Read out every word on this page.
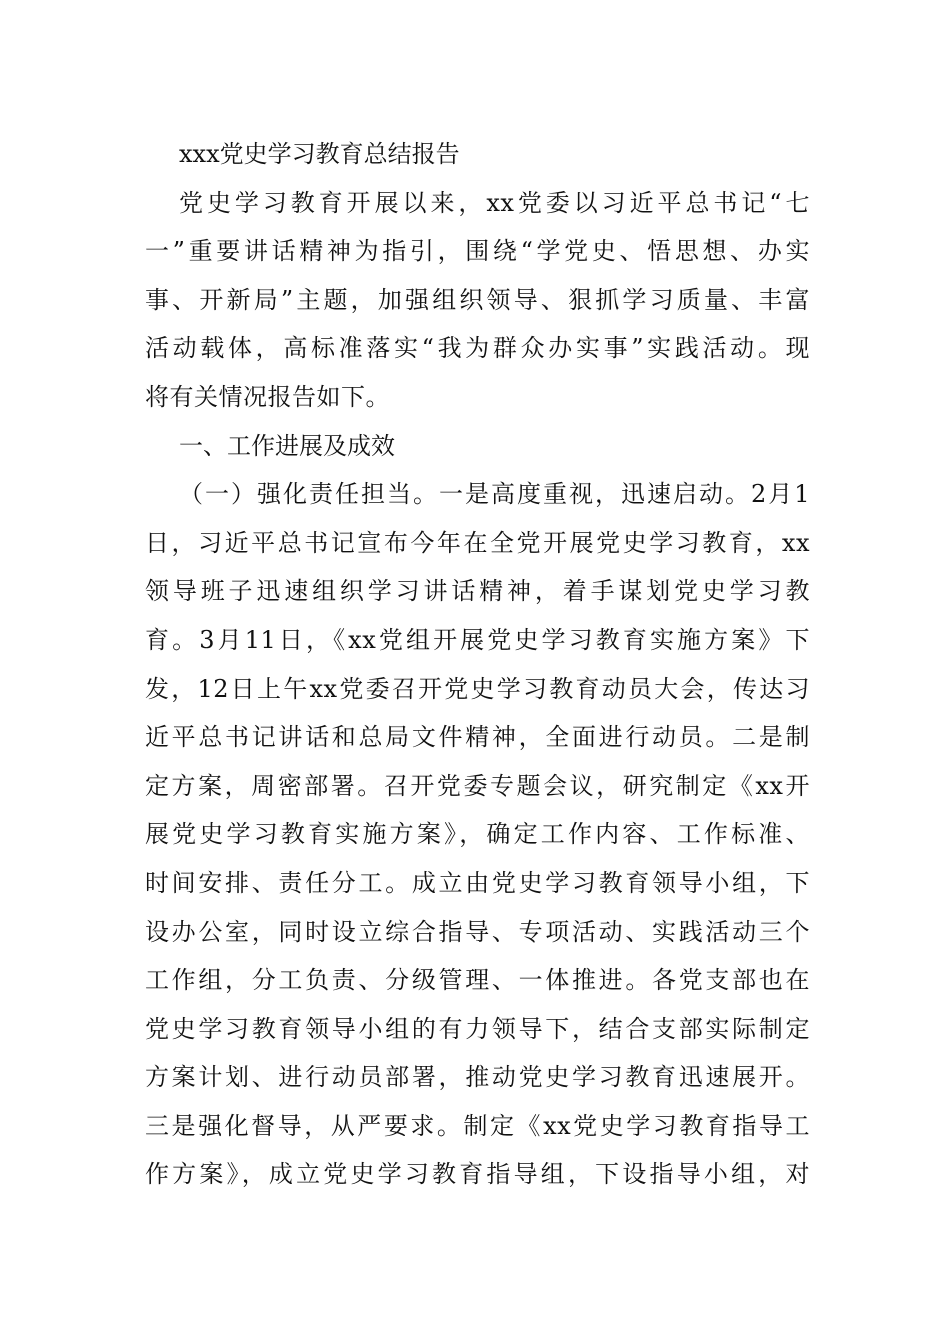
xxx党史学习教育总结报告
党史学习教育开展以来，xx党委以习近平总书记“七
一”重要讲话精神为指引，围绕“学党史、悟思想、办实
事、开新局”主题，加强组织领导、狠抓学习质量、丰富
活动载体，高标准落实“我为群众办实事”实践活动。现
将有关情况报告如下。
一、工作进展及成效
（一）强化责任担当。一是高度重视，迅速启动。2月1
日，习近平总书记宣布今年在全党开展党史学习教育，xx
领导班子迅速组织学习讲话精神，着手谋划党史学习教
育。3月11日，《xx党组开展党史学习教育实施方案》下
发，12日上午xx党委召开党史学习教育动员大会，传达习
近平总书记讲话和总局文件精神，全面进行动员。二是制
定方案，周密部署。召开党委专题会议，研究制定《xx开
展党史学习教育实施方案》，确定工作内容、工作标准、
时间安排、责任分工。成立由党史学习教育领导小组，下
设办公室，同时设立综合指导、专项活动、实践活动三个
工作组，分工负责、分级管理、一体推进。各党支部也在
党史学习教育领导小组的有力领导下，结合支部实际制定
方案计划、进行动员部署，推动党史学习教育迅速展开。
三是强化督导，从严要求。制定《xx党史学习教育指导工
作方案》，成立党史学习教育指导组，下设指导小组，对
